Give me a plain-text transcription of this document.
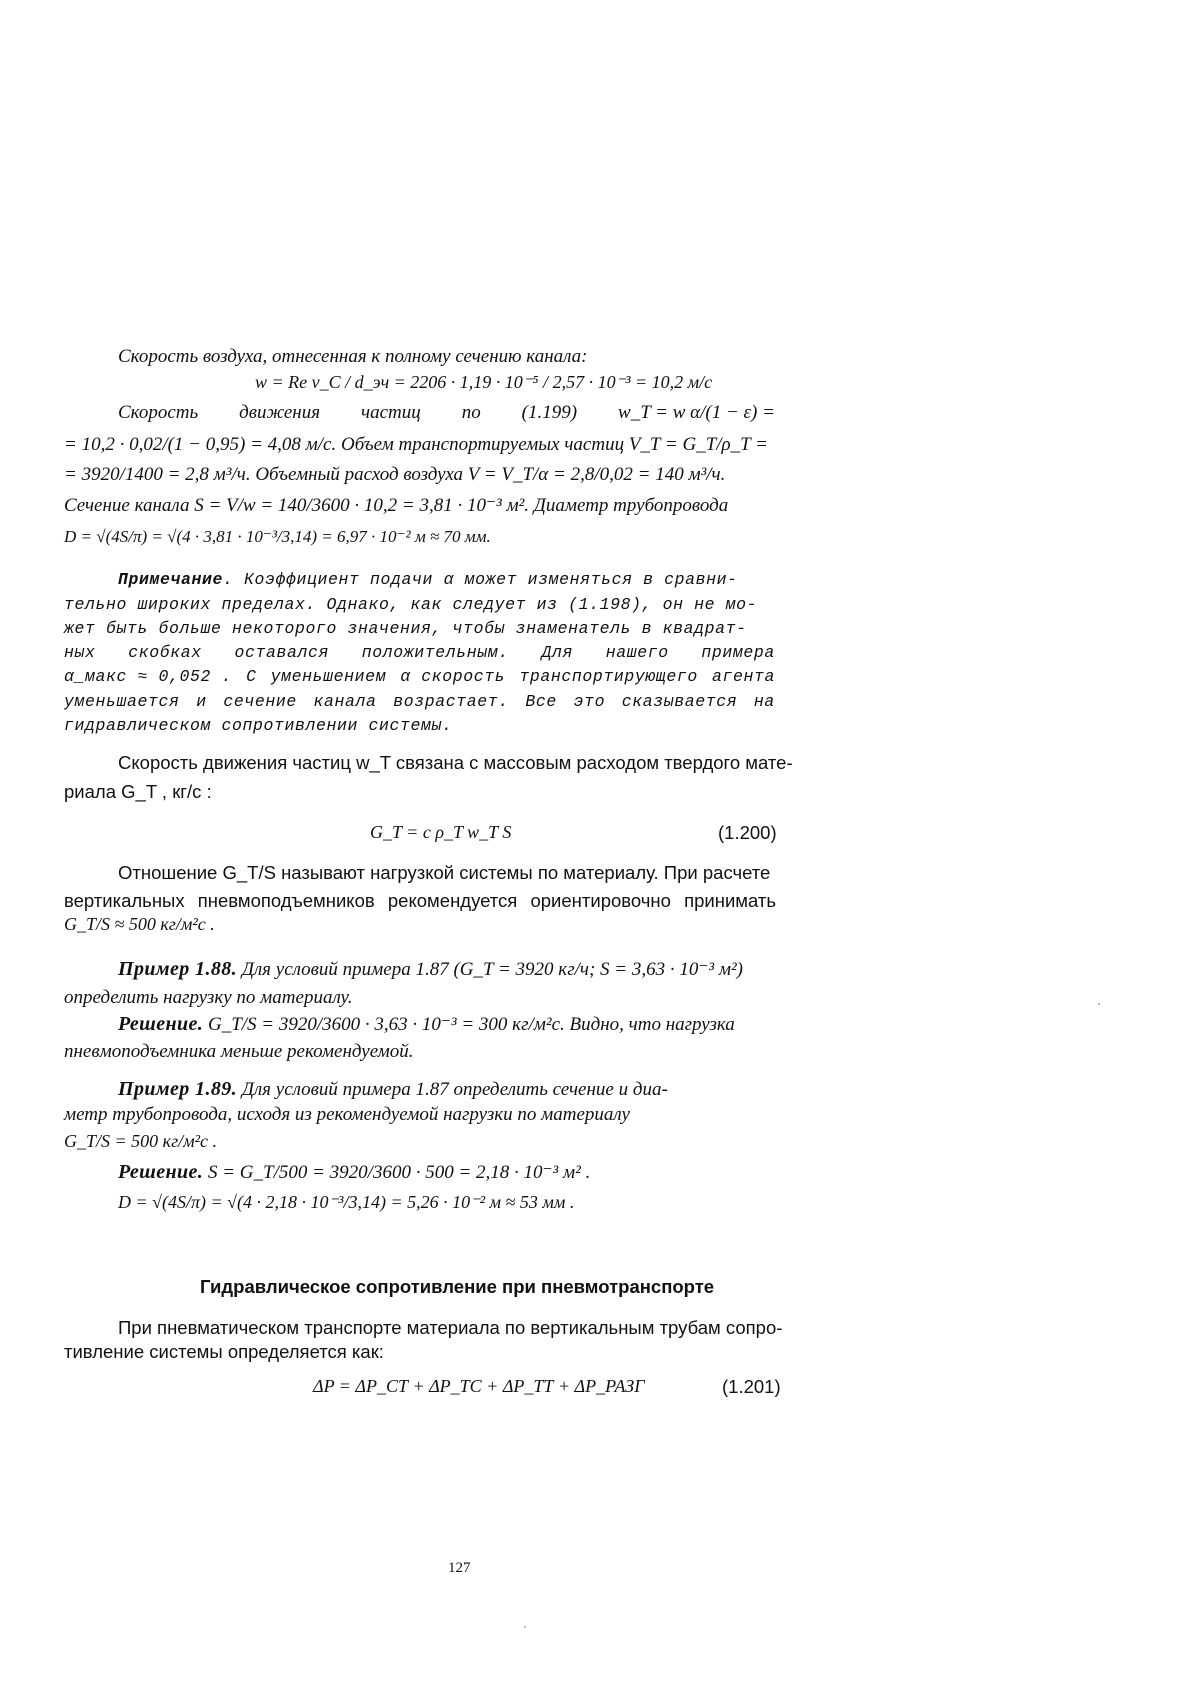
Скорость воздуха, отнесенная к полному сечению канала:
w = Re ν_C / d_эч = 2206 · 1,19 · 10⁻⁵ / 2,57 · 10⁻³ = 10,2 м/с
Скорость движения частиц по (1.199) w_T = w α/(1 − ε) =
= 10,2 · 0,02/(1 − 0,95) = 4,08 м/с. Объем транспортируемых частиц V_T = G_T/ρ_T =
= 3920/1400 = 2,8 м³/ч. Объемный расход воздуха V = V_T/α = 2,8/0,02 = 140 м³/ч.
Сечение канала S = V/w = 140/3600 · 10,2 = 3,81 · 10⁻³ м². Диаметр трубопровода
D = √(4S/π) = √(4 · 3,81 · 10⁻³/3,14) = 6,97 · 10⁻² м ≈ 70 мм.
Примечание. Коэффициент подачи α может изменяться в сравни-
тельно широких пределах. Однако, как следует из (1.198), он не мо-
жет быть больше некоторого значения, чтобы знаменатель в квадрат-
ных скобках оставался положительным. Для нашего примера
α_макс ≈ 0,052 . С уменьшением α скорость транспортирующего агента
уменьшается и сечение канала возрастает. Все это сказывается на
гидравлическом сопротивлении системы.
Скорость движения частиц w_T связана с массовым расходом твердого мате-
риала G_T , кг/с :
G_T = c ρ_T w_T S	(1.200)
Отношение G_T/S называют нагрузкой системы по материалу. При расчете
вертикальных пневмоподъемников рекомендуется ориентировочно принимать
G_T/S ≈ 500 кг/м²с .
Пример 1.88. Для условий примера 1.87 (G_T = 3920 кг/ч; S = 3,63 · 10⁻³ м²)
определить нагрузку по материалу.
Решение. G_T/S = 3920/3600 · 3,63 · 10⁻³ = 300 кг/м²с. Видно, что нагрузка
пневмоподъемника меньше рекомендуемой.
Пример 1.89. Для условий примера 1.87 определить сечение и диа-
метр трубопровода, исходя из рекомендуемой нагрузки по материалу
G_T/S = 500 кг/м²с .
Решение. S = G_T/500 = 3920/3600 · 500 = 2,18 · 10⁻³ м² .
D = √(4S/π) = √(4 · 2,18 · 10⁻³/3,14) = 5,26 · 10⁻² м ≈ 53 мм .
Гидравлическое сопротивление при пневмотранспорте
При пневматическом транспорте материала по вертикальным трубам сопро-
тивление системы определяется как:
ΔP = ΔP_СТ + ΔP_ТС + ΔP_ТТ + ΔP_РАЗГ	(1.201)
127
